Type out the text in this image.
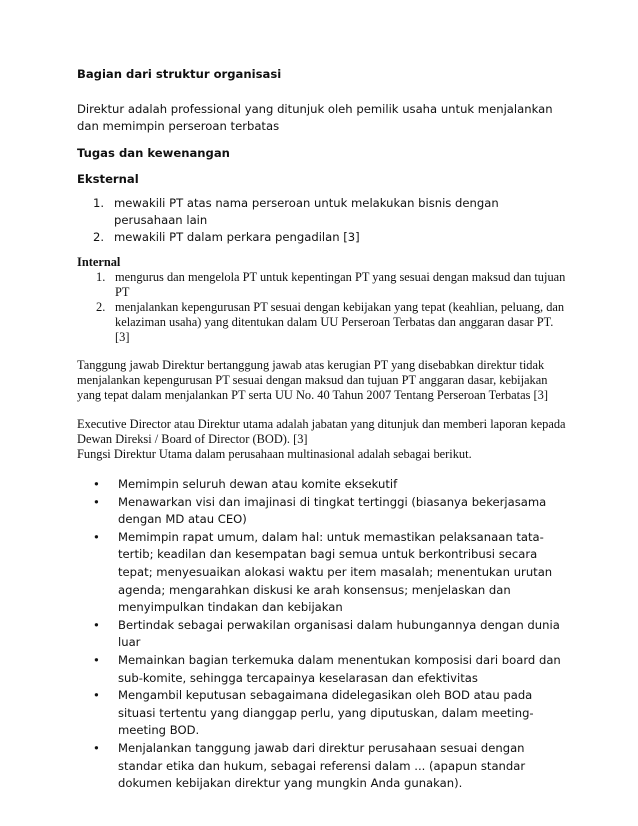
Bagian dari struktur organisasi

Direktur adalah professional yang ditunjuk oleh pemilik usaha untuk menjalankan dan memimpin perseroan terbatas

Tugas dan kewenangan

Eksternal

1. mewakili PT atas nama perseroan untuk melakukan bisnis dengan perusahaan lain
2. mewakili PT dalam perkara pengadilan [3]

Internal

1. mengurus dan mengelola PT untuk kepentingan PT yang sesuai dengan maksud dan tujuan PT
2. menjalankan kepengurusan PT sesuai dengan kebijakan yang tepat (keahlian, peluang, dan kelaziman usaha) yang ditentukan dalam UU Perseroan Terbatas dan anggaran dasar PT. [3]

Tanggung jawab Direktur bertanggung jawab atas kerugian PT yang disebabkan direktur tidak menjalankan kepengurusan PT sesuai dengan maksud dan tujuan PT anggaran dasar, kebijakan yang tepat dalam menjalankan PT serta UU No. 40 Tahun 2007 Tentang Perseroan Terbatas [3]

Executive Director atau Direktur utama adalah jabatan yang ditunjuk dan memberi laporan kepada Dewan Direksi / Board of Director (BOD). [3]

Fungsi Direktur Utama dalam perusahaan multinasional adalah sebagai berikut.

• Memimpin seluruh dewan atau komite eksekutif
• Menawarkan visi dan imajinasi di tingkat tertinggi (biasanya bekerjasama dengan MD atau CEO)
• Memimpin rapat umum, dalam hal: untuk memastikan pelaksanaan tata-tertib; keadilan dan kesempatan bagi semua untuk berkontribusi secara tepat; menyesuaikan alokasi waktu per item masalah; menentukan urutan agenda; mengarahkan diskusi ke arah konsensus; menjelaskan dan menyimpulkan tindakan dan kebijakan
• Bertindak sebagai perwakilan organisasi dalam hubungannya dengan dunia luar
• Memainkan bagian terkemuka dalam menentukan komposisi dari board dan sub-komite, sehingga tercapainya keselarasan dan efektivitas
• Mengambil keputusan sebagaimana didelegasikan oleh BOD atau pada situasi tertentu yang dianggap perlu, yang diputuskan, dalam meeting-meeting BOD.
• Menjalankan tanggung jawab dari direktur perusahaan sesuai dengan standar etika dan hukum, sebagai referensi dalam ... (apapun standar dokumen kebijakan direktur yang mungkin Anda gunakan).
